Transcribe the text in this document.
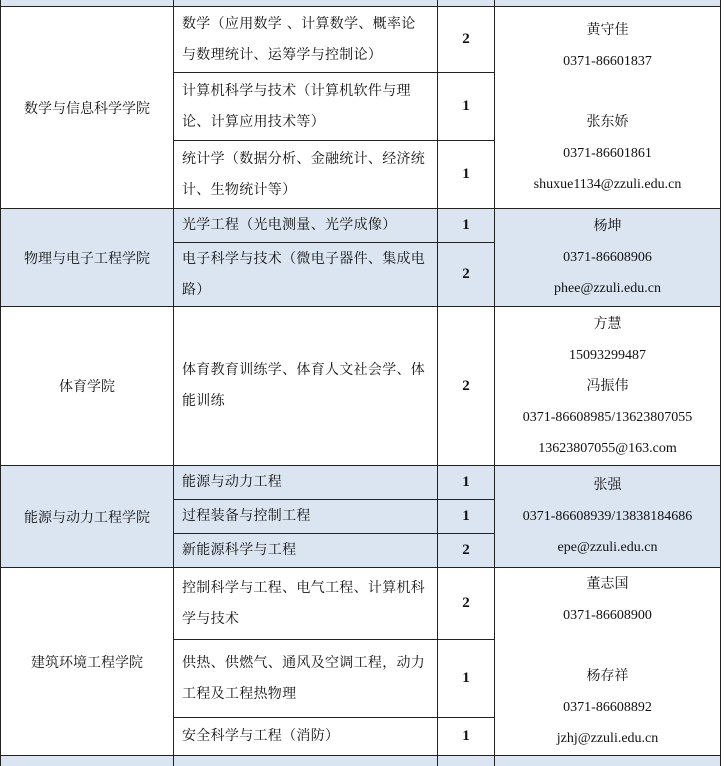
数学与信息科学学院	数学（应用数学 、计算数学、概率论与数理统计、运筹学与控制论）	2	黄守佳
0371-86601837
张东娇
0371-86601861
shuxue1134@zzuli.edu.cn

	计算机科学与技术（计算机软件与理论、计算应用技术等）	1	
	统计学（数据分析、金融统计、经济统计、生物统计等）	1	
物理与电子工程学院	光学工程（光电测量、光学成像）	1	杨坤
0371-86608906
phee@zzuli.edu.cn

	电子科学与技术（微电子器件、集成电路）	2	
体育学院	体育教育训练学、体育人文社会学、体能训练	2	方慧
15093299487
冯振伟
0371-86608985/13623807055
13623807055@163.com

能源与动力工程学院	能源与动力工程	1	张强
0371-86608939/13838184686
epe@zzuli.edu.cn

	过程装备与控制工程	1	
	新能源科学与工程	2	
建筑环境工程学院	控制科学与工程、电气工程、计算机科学与技术	2	董志国
0371-86608900
杨存祥
0371-86608892
jzhj@zzuli.edu.cn

	供热、供燃气、通风及空调工程，动力工程及工程热物理	1	
	安全科学与工程（消防）	1	
